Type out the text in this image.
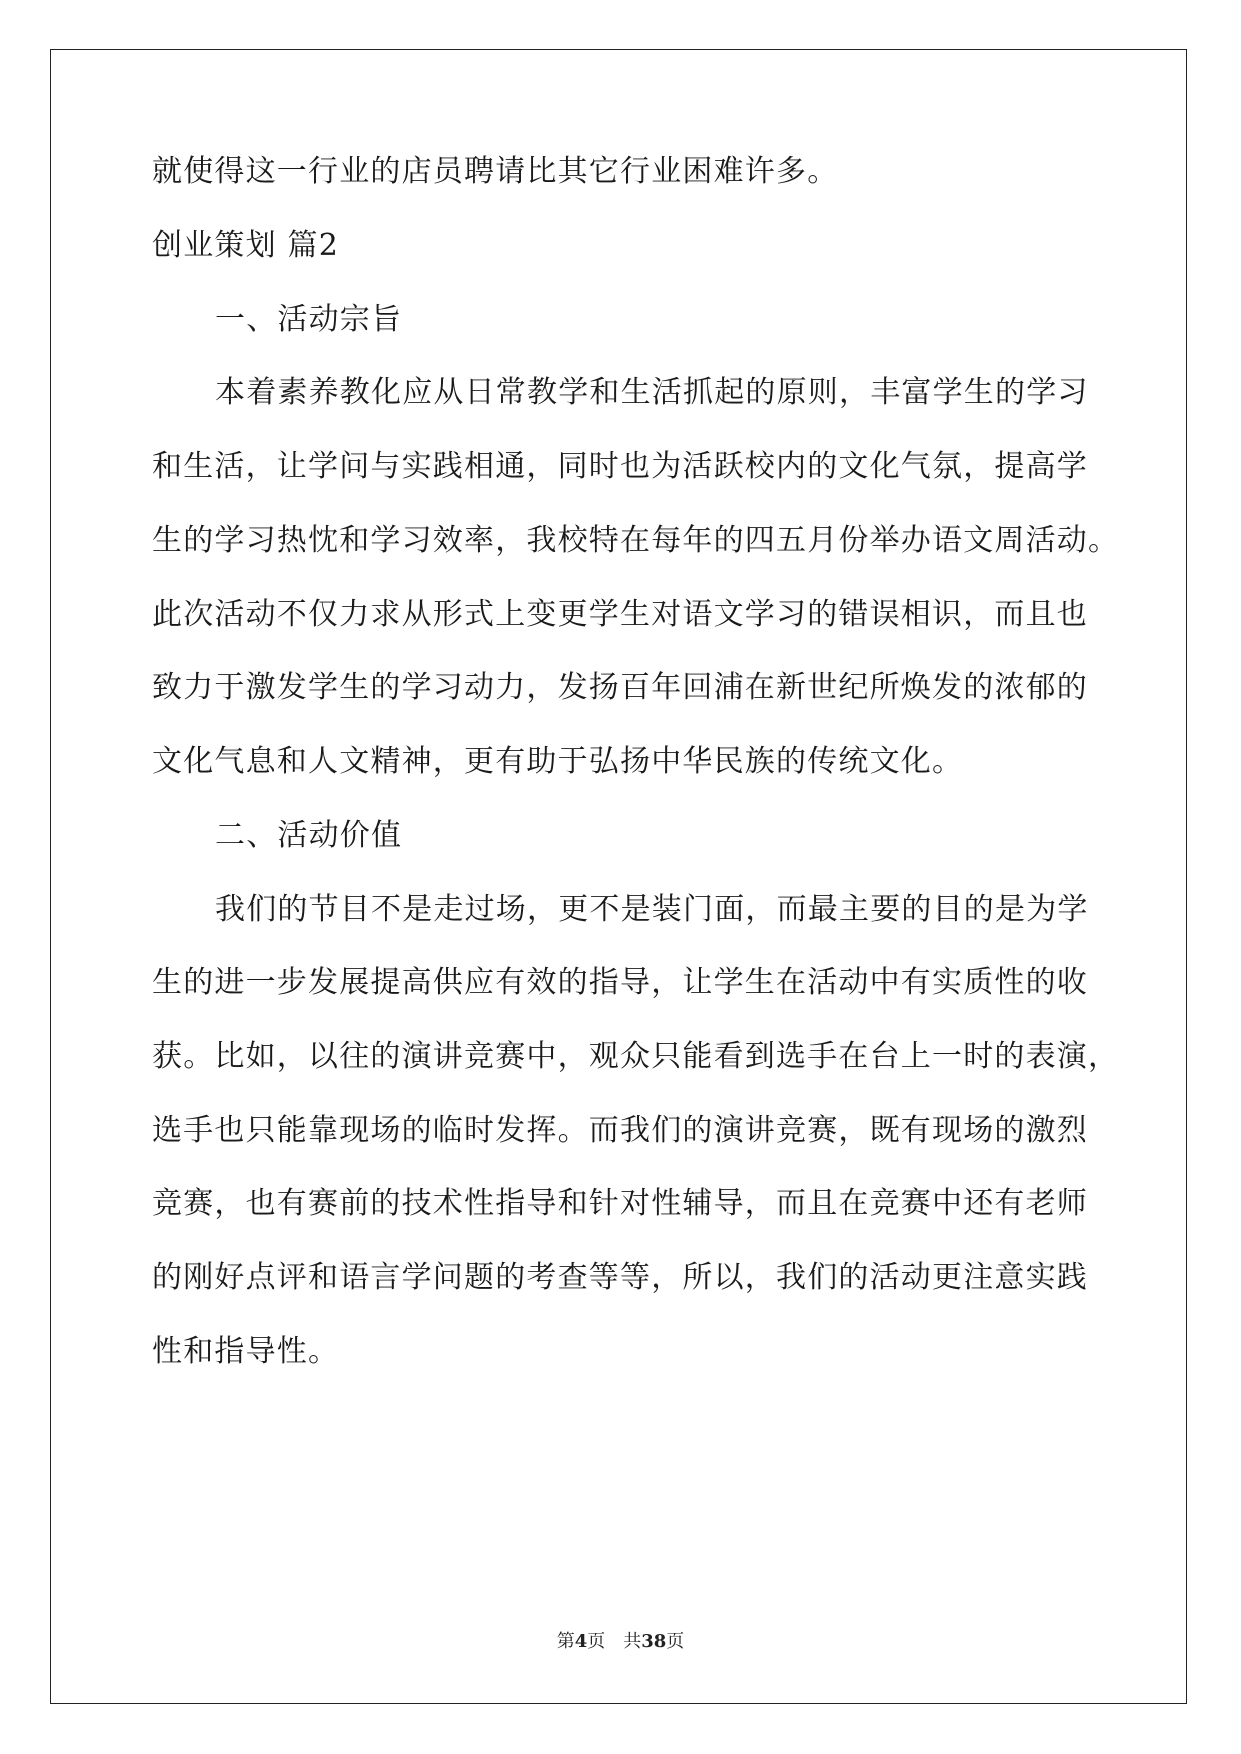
就使得这一行业的店员聘请比其它行业困难许多。

创业策划 篇2

一、活动宗旨

本着素养教化应从日常教学和生活抓起的原则，丰富学生的学习

和生活，让学问与实践相通，同时也为活跃校内的文化气氛，提高学

生的学习热忱和学习效率，我校特在每年的四五月份举办语文周活动。

此次活动不仅力求从形式上变更学生对语文学习的错误相识，而且也

致力于激发学生的学习动力，发扬百年回浦在新世纪所焕发的浓郁的

文化气息和人文精神，更有助于弘扬中华民族的传统文化。

二、活动价值

我们的节目不是走过场，更不是装门面，而最主要的目的是为学

生的进一步发展提高供应有效的指导，让学生在活动中有实质性的收

获。比如，以往的演讲竞赛中，观众只能看到选手在台上一时的表演，

选手也只能靠现场的临时发挥。而我们的演讲竞赛，既有现场的激烈

竞赛，也有赛前的技术性指导和针对性辅导，而且在竞赛中还有老师

的刚好点评和语言学问题的考查等等，所以，我们的活动更注意实践

性和指导性。

第4页 共38页
